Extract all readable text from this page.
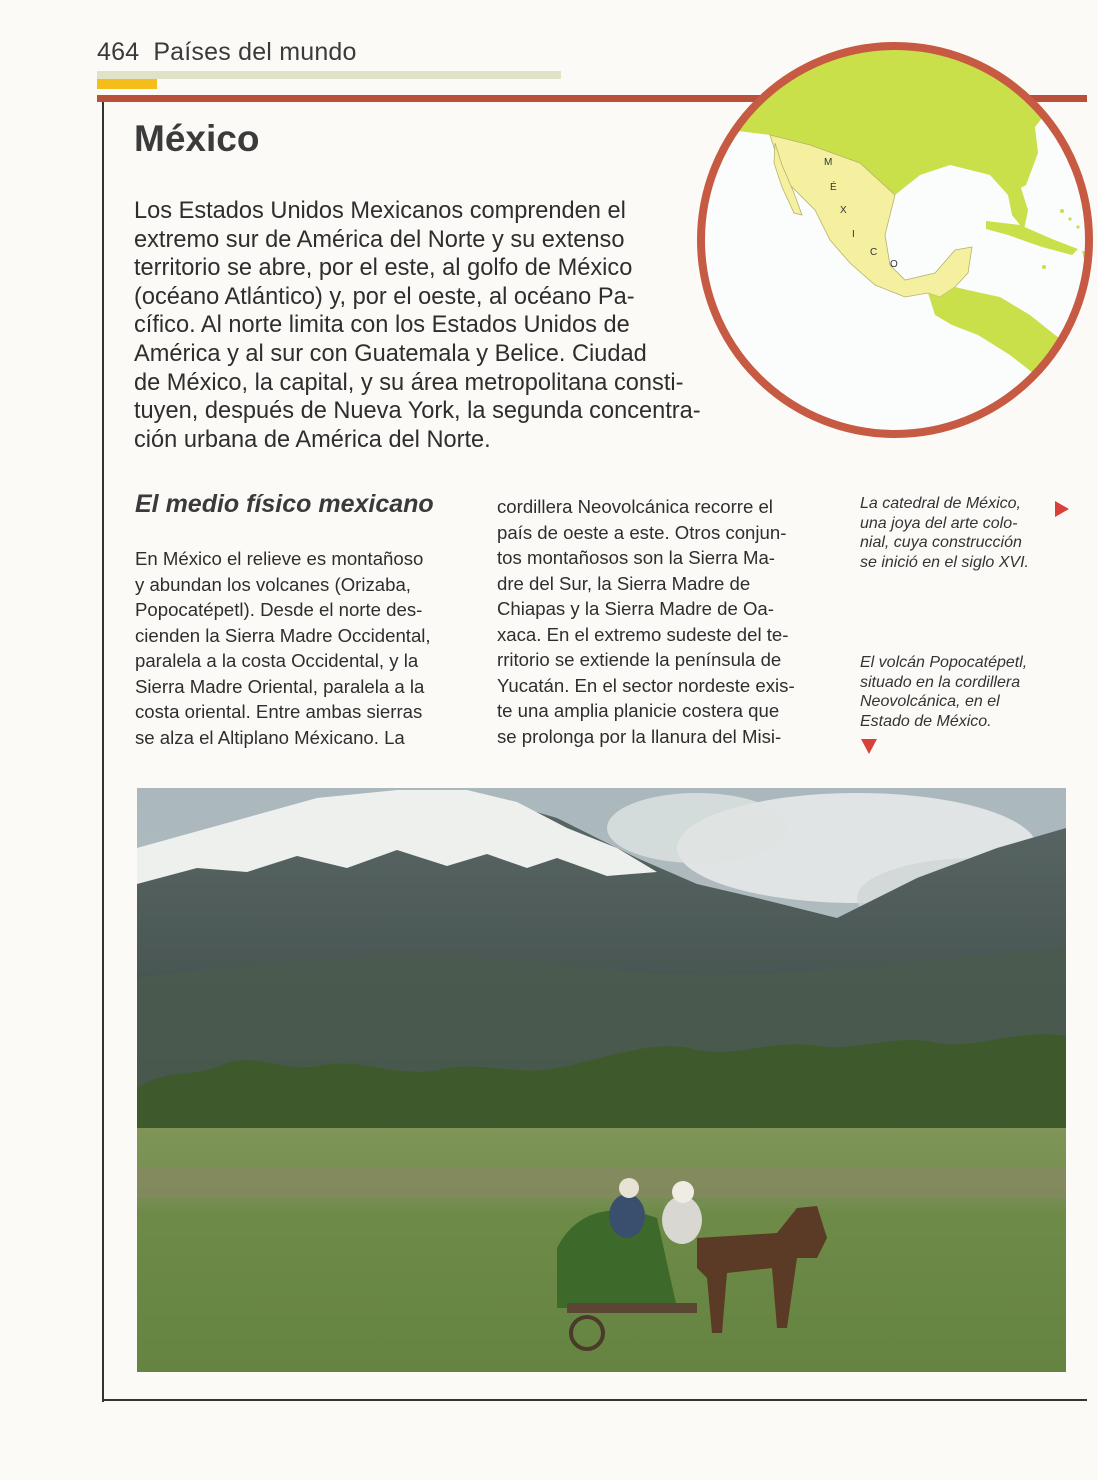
464 Países del mundo
M
É
X
I
C
O
México

Los Estados Unidos Mexicanos comprenden el
extremo sur de América del Norte y su extenso
territorio se abre, por el este, al golfo de México
(océano Atlántico) y, por el oeste, al océano Pa-
cífico. Al norte limita con los Estados Unidos de
América y al sur con Guatemala y Belice. Ciudad
de México, la capital, y su área metropolitana consti-
tuyen, después de Nueva York, la segunda concentra-
ción urbana de América del Norte.

El medio físico mexicano

En México el relieve es montañoso
y abundan los volcanes (Orizaba,
Popocatépetl). Desde el norte des-
cienden la Sierra Madre Occidental,
paralela a la costa Occidental, y la
Sierra Madre Oriental, paralela a la
costa oriental. Entre ambas sierras
se alza el Altiplano Méxicano. La

cordillera Neovolcánica recorre el
país de oeste a este. Otros conjun-
tos montañosos son la Sierra Ma-
dre del Sur, la Sierra Madre de
Chiapas y la Sierra Madre de Oa-
xaca. En el extremo sudeste del te-
rritorio se extiende la península de
Yucatán. En el sector nordeste exis-
te una amplia planicie costera que
se prolonga por la llanura del Misi-

La catedral de México,
una joya del arte colo-
nial, cuya construcción
se inició en el siglo XVI.

El volcán Popocatépetl,
situado en la cordillera
Neovolcánica, en el
Estado de México.
